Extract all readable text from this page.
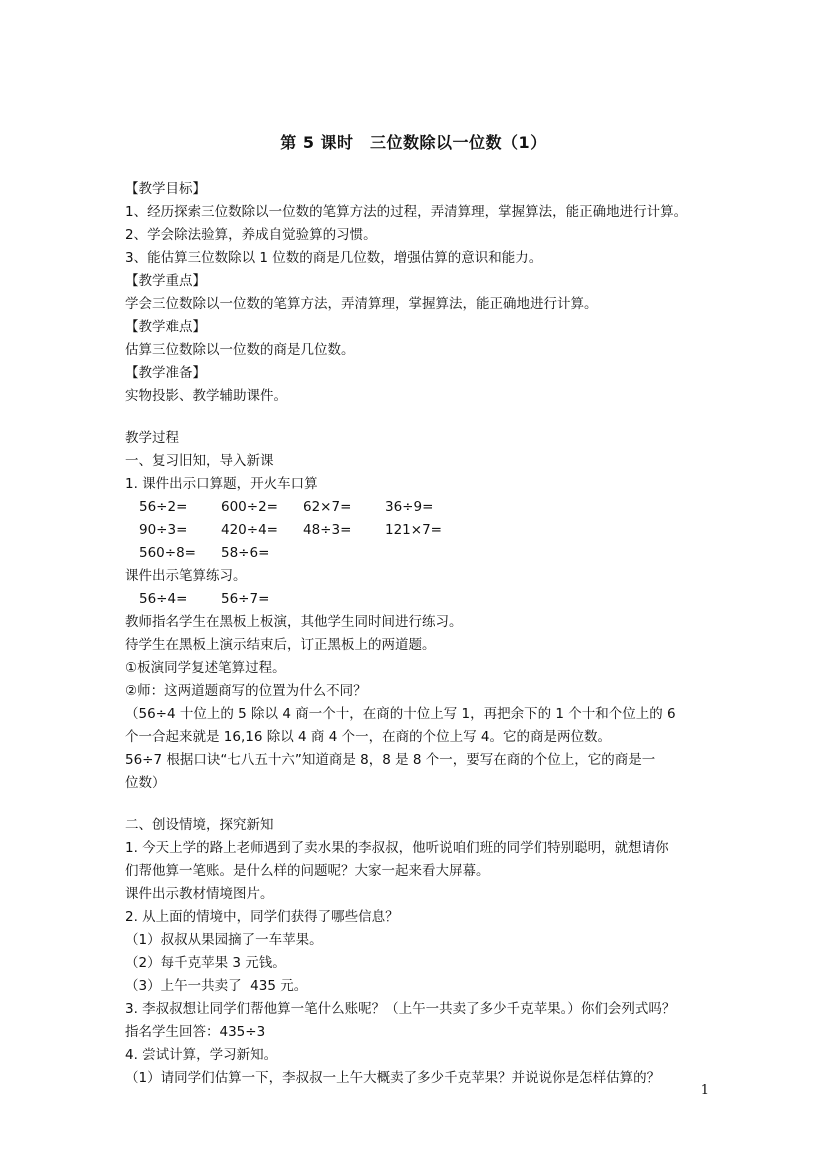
第 5 课时　三位数除以一位数（1）
【教学目标】
1、经历探索三位数除以一位数的笔算方法的过程，弄清算理，掌握算法，能正确地进行计算。
2、学会除法验算，养成自觉验算的习惯。
3、能估算三位数除以 1 位数的商是几位数，增强估算的意识和能力。
【教学重点】
学会三位数除以一位数的笔算方法，弄清算理，掌握算法，能正确地进行计算。
【教学难点】
估算三位数除以一位数的商是几位数。
【教学准备】
实物投影、教学辅助课件。
教学过程
一、复习旧知，导入新课
1. 课件出示口算题，开火车口算
56÷2=	600÷2=	62×7=	36÷9=
90÷3=	420÷4=	48÷3=	121×7=
560÷8=	58÷6=
课件出示笔算练习。
56÷4=	56÷7=
教师指名学生在黑板上板演，其他学生同时间进行练习。
待学生在黑板上演示结束后，订正黑板上的两道题。
①板演同学复述笔算过程。
②师：这两道题商写的位置为什么不同？
（56÷4 十位上的 5 除以 4 商一个十，在商的十位上写 1，再把余下的 1 个十和个位上的 6
个一合起来就是 16,16 除以 4 商 4 个一，在商的个位上写 4。它的商是两位数。
56÷7 根据口诀“七八五十六”知道商是 8，8 是 8 个一，要写在商的个位上，它的商是一
位数）
二、创设情境，探究新知
1. 今天上学的路上老师遇到了卖水果的李叔叔，他听说咱们班的同学们特别聪明，就想请你
们帮他算一笔账。是什么样的问题呢？大家一起来看大屏幕。
课件出示教材情境图片。
2. 从上面的情境中，同学们获得了哪些信息？
（1）叔叔从果园摘了一车苹果。
（2）每千克苹果 3 元钱。
（3）上午一共卖了  435 元。
3. 李叔叔想让同学们帮他算一笔什么账呢？（上午一共卖了多少千克苹果。）你们会列式吗？
指名学生回答：435÷3
4. 尝试计算，学习新知。
（1）请同学们估算一下，李叔叔一上午大概卖了多少千克苹果？并说说你是怎样估算的？
1
